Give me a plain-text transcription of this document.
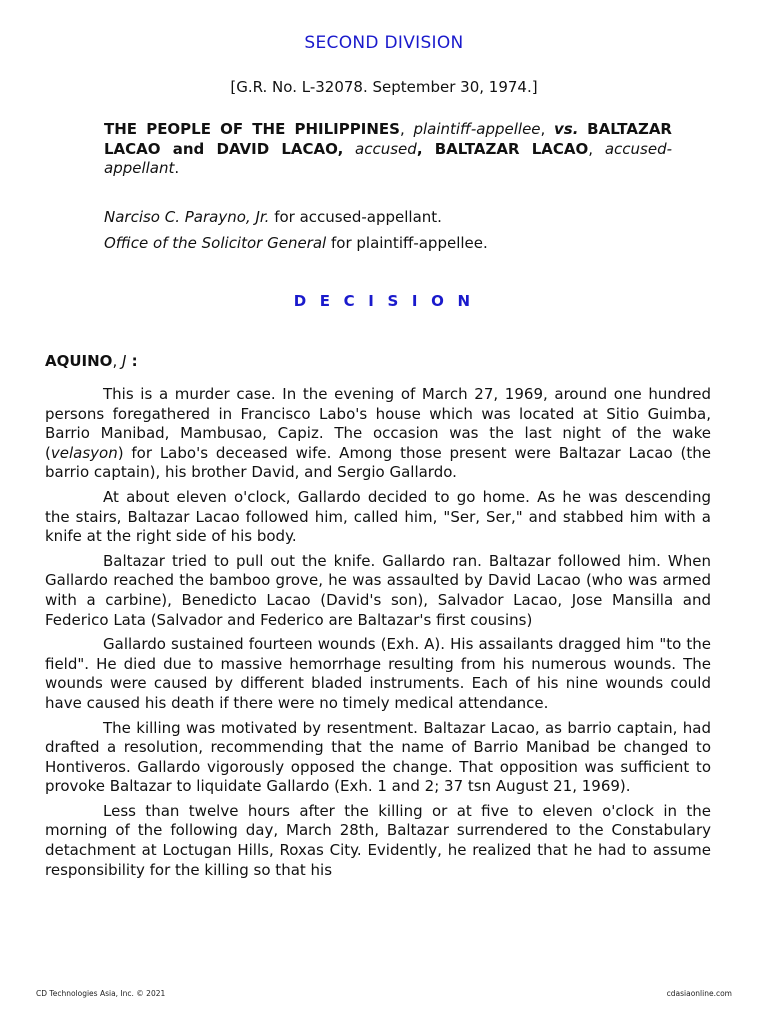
SECOND DIVISION
[G.R. No. L-32078. September 30, 1974.]
THE PEOPLE OF THE PHILIPPINES, plaintiff-appellee, vs. BALTAZAR LACAO and DAVID LACAO, accused, BALTAZAR LACAO, accused-appellant.
Narciso C. Parayno, Jr. for accused-appellant.
Office of the Solicitor General for plaintiff-appellee.
D E C I S I O N
AQUINO, J :

This is a murder case. In the evening of March 27, 1969, around one hundred persons foregathered in Francisco Labo's house which was located at Sitio Guimba, Barrio Manibad, Mambusao, Capiz. The occasion was the last night of the wake (velasyon) for Labo's deceased wife. Among those present were Baltazar Lacao (the barrio captain), his brother David, and Sergio Gallardo.

At about eleven o'clock, Gallardo decided to go home. As he was descending the stairs, Baltazar Lacao followed him, called him, "Ser, Ser," and stabbed him with a knife at the right side of his body.

Baltazar tried to pull out the knife. Gallardo ran. Baltazar followed him. When Gallardo reached the bamboo grove, he was assaulted by David Lacao (who was armed with a carbine), Benedicto Lacao (David's son), Salvador Lacao, Jose Mansilla and Federico Lata (Salvador and Federico are Baltazar's first cousins)

Gallardo sustained fourteen wounds (Exh. A). His assailants dragged him "to the field". He died due to massive hemorrhage resulting from his numerous wounds. The wounds were caused by different bladed instruments. Each of his nine wounds could have caused his death if there were no timely medical attendance.

The killing was motivated by resentment. Baltazar Lacao, as barrio captain, had drafted a resolution, recommending that the name of Barrio Manibad be changed to Hontiveros. Gallardo vigorously opposed the change. That opposition was sufficient to provoke Baltazar to liquidate Gallardo (Exh. 1 and 2; 37 tsn August 21, 1969).

Less than twelve hours after the killing or at five to eleven o'clock in the morning of the following day, March 28th, Baltazar surrendered to the Constabulary detachment at Loctugan Hills, Roxas City. Evidently, he realized that he had to assume responsibility for the killing so that his

CD Technologies Asia, Inc. © 2021	cdasiaonline.com
